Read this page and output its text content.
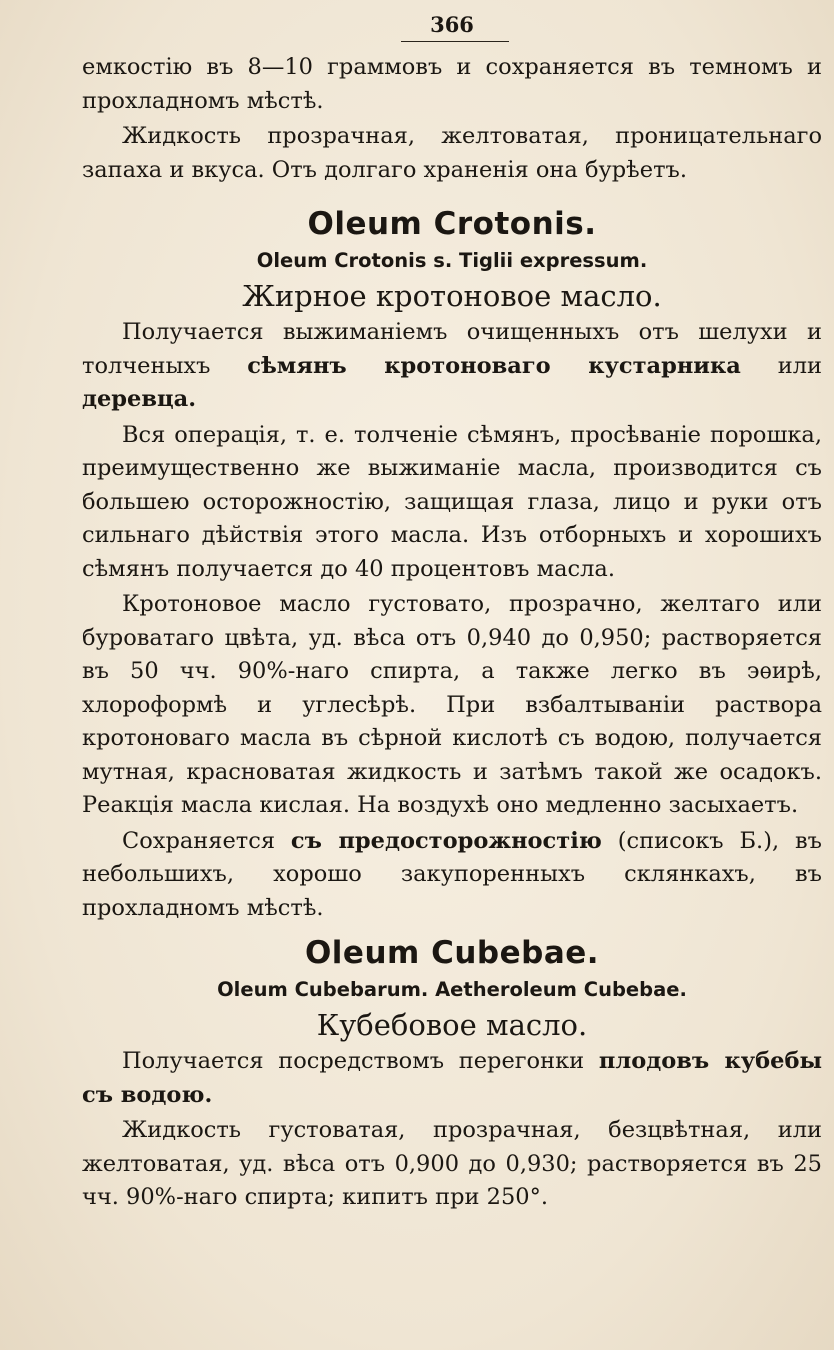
366

емкостію въ 8—10 граммовъ и сохраняется въ темномъ и прохладномъ мѣстѣ.

Жидкость прозрачная, желтоватая, проницательнаго запаха и вкуса. Отъ долгаго храненія она бурѣетъ.

Oleum Crotonis.
Oleum Crotonis s. Tiglii expressum.
Жирное кротоновое масло.

Получается выжиманіемъ очищенныхъ отъ шелухи и толченыхъ сѣмянъ кротоноваго кустарника или деревца.

Вся операція, т. е. толченіе сѣмянъ, просѣваніе порошка, преимущественно же выжиманіе масла, производится съ большею осторожностію, защищая глаза, лицо и руки отъ сильнаго дѣйствія этого масла. Изъ отборныхъ и хорошихъ сѣмянъ получается до 40 процентовъ масла.

Кротоновое масло густовато, прозрачно, желтаго или буроватаго цвѣта, уд. вѣса отъ 0,940 до 0,950; растворяется въ 50 чч. 90%-наго спирта, а также легко въ эѳирѣ, хлороформѣ и углесѣрѣ. При взбалтываніи раствора кротоноваго масла въ сѣрной кислотѣ съ водою, получается мутная, красноватая жидкость и затѣмъ такой же осадокъ. Реакція масла кислая. На воздухѣ оно медленно засыхаетъ.

Сохраняется съ предосторожностію (списокъ Б.), въ небольшихъ, хорошо закупоренныхъ склянкахъ, въ прохладномъ мѣстѣ.

Oleum Cubebae.
Oleum Cubebarum. Aetheroleum Cubebae.
Кубебовое масло.

Получается посредствомъ перегонки плодовъ кубебы съ водою.

Жидкость густоватая, прозрачная, безцвѣтная, или желтоватая, уд. вѣса отъ 0,900 до 0,930; растворяется въ 25 чч. 90%-наго спирта; кипитъ при 250°.
